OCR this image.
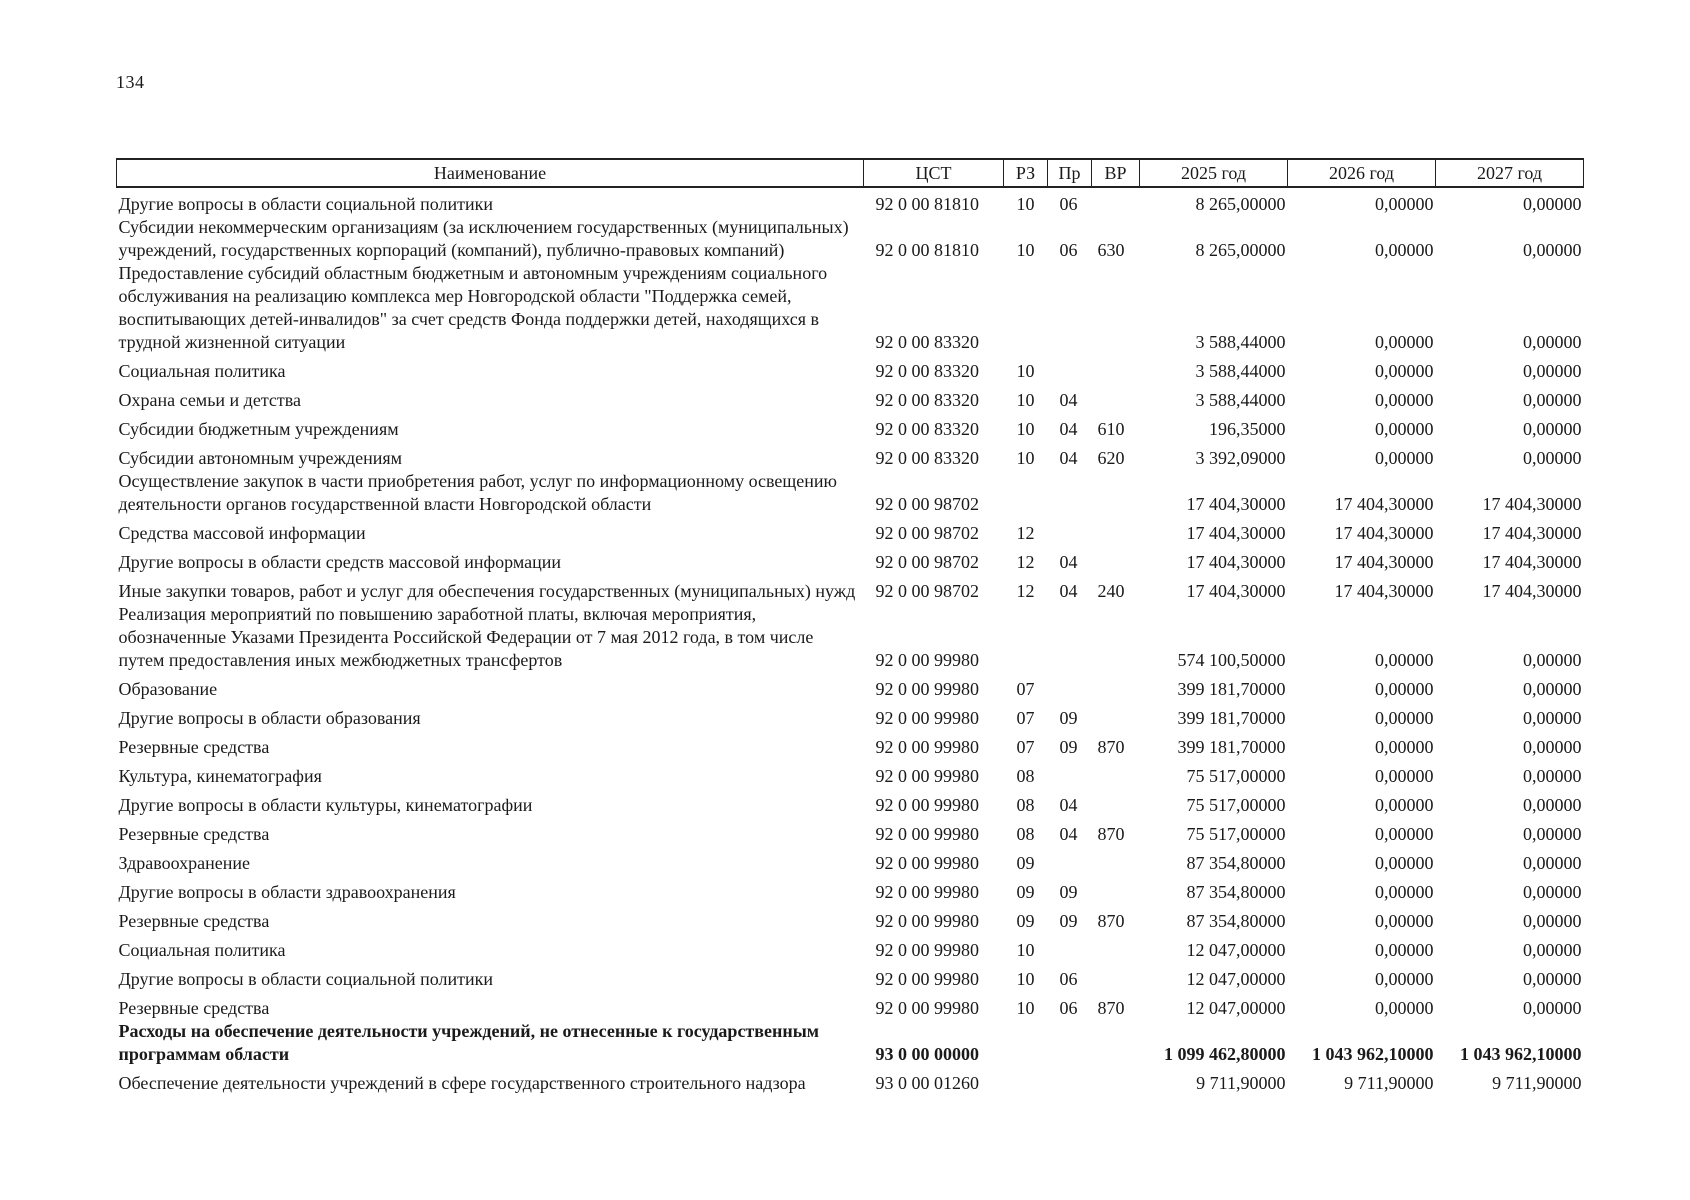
134
Наименование	ЦСТ	РЗ	Пр	ВР	2025 год	2026 год	2027 год
Другие вопросы в области социальной политики	92 0 00 81810	10	06		8 265,00000	0,00000	0,00000
Субсидии некоммерческим организациям (за исключением государственных (муниципальных) учреждений, государственных корпораций (компаний), публично-правовых компаний)	92 0 00 81810	10	06	630	8 265,00000	0,00000	0,00000
Предоставление субсидий областным бюджетным и автономным учреждениям социального обслуживания на реализацию комплекса мер Новгородской области "Поддержка семей, воспитывающих детей-инвалидов" за счет средств Фонда поддержки детей, находящихся в трудной жизненной ситуации	92 0 00 83320				3 588,44000	0,00000	0,00000
Социальная политика	92 0 00 83320	10			3 588,44000	0,00000	0,00000
Охрана семьи и детства	92 0 00 83320	10	04		3 588,44000	0,00000	0,00000
Субсидии бюджетным учреждениям	92 0 00 83320	10	04	610	196,35000	0,00000	0,00000
Субсидии автономным учреждениям	92 0 00 83320	10	04	620	3 392,09000	0,00000	0,00000
Осуществление закупок в части приобретения работ, услуг по информационному освещению деятельности органов государственной власти Новгородской области	92 0 00 98702				17 404,30000	17 404,30000	17 404,30000
Средства массовой информации	92 0 00 98702	12			17 404,30000	17 404,30000	17 404,30000
Другие вопросы в области средств массовой информации	92 0 00 98702	12	04		17 404,30000	17 404,30000	17 404,30000
Иные закупки товаров, работ и услуг для обеспечения государственных (муниципальных) нужд	92 0 00 98702	12	04	240	17 404,30000	17 404,30000	17 404,30000
Реализация мероприятий по повышению заработной платы, включая мероприятия, обозначенные Указами Президента Российской Федерации от 7 мая 2012 года, в том числе путем предоставления иных межбюджетных трансфертов	92 0 00 99980				574 100,50000	0,00000	0,00000
Образование	92 0 00 99980	07			399 181,70000	0,00000	0,00000
Другие вопросы в области образования	92 0 00 99980	07	09		399 181,70000	0,00000	0,00000
Резервные средства	92 0 00 99980	07	09	870	399 181,70000	0,00000	0,00000
Культура, кинематография	92 0 00 99980	08			75 517,00000	0,00000	0,00000
Другие вопросы в области культуры, кинематографии	92 0 00 99980	08	04		75 517,00000	0,00000	0,00000
Резервные средства	92 0 00 99980	08	04	870	75 517,00000	0,00000	0,00000
Здравоохранение	92 0 00 99980	09			87 354,80000	0,00000	0,00000
Другие вопросы в области здравоохранения	92 0 00 99980	09	09		87 354,80000	0,00000	0,00000
Резервные средства	92 0 00 99980	09	09	870	87 354,80000	0,00000	0,00000
Социальная политика	92 0 00 99980	10			12 047,00000	0,00000	0,00000
Другие вопросы в области социальной политики	92 0 00 99980	10	06		12 047,00000	0,00000	0,00000
Резервные средства	92 0 00 99980	10	06	870	12 047,00000	0,00000	0,00000
Расходы на обеспечение деятельности учреждений, не отнесенные к государственным программам области	93 0 00 00000				1 099 462,80000	1 043 962,10000	1 043 962,10000
Обеспечение деятельности учреждений в сфере государственного строительного надзора	93 0 00 01260				9 711,90000	9 711,90000	9 711,90000
